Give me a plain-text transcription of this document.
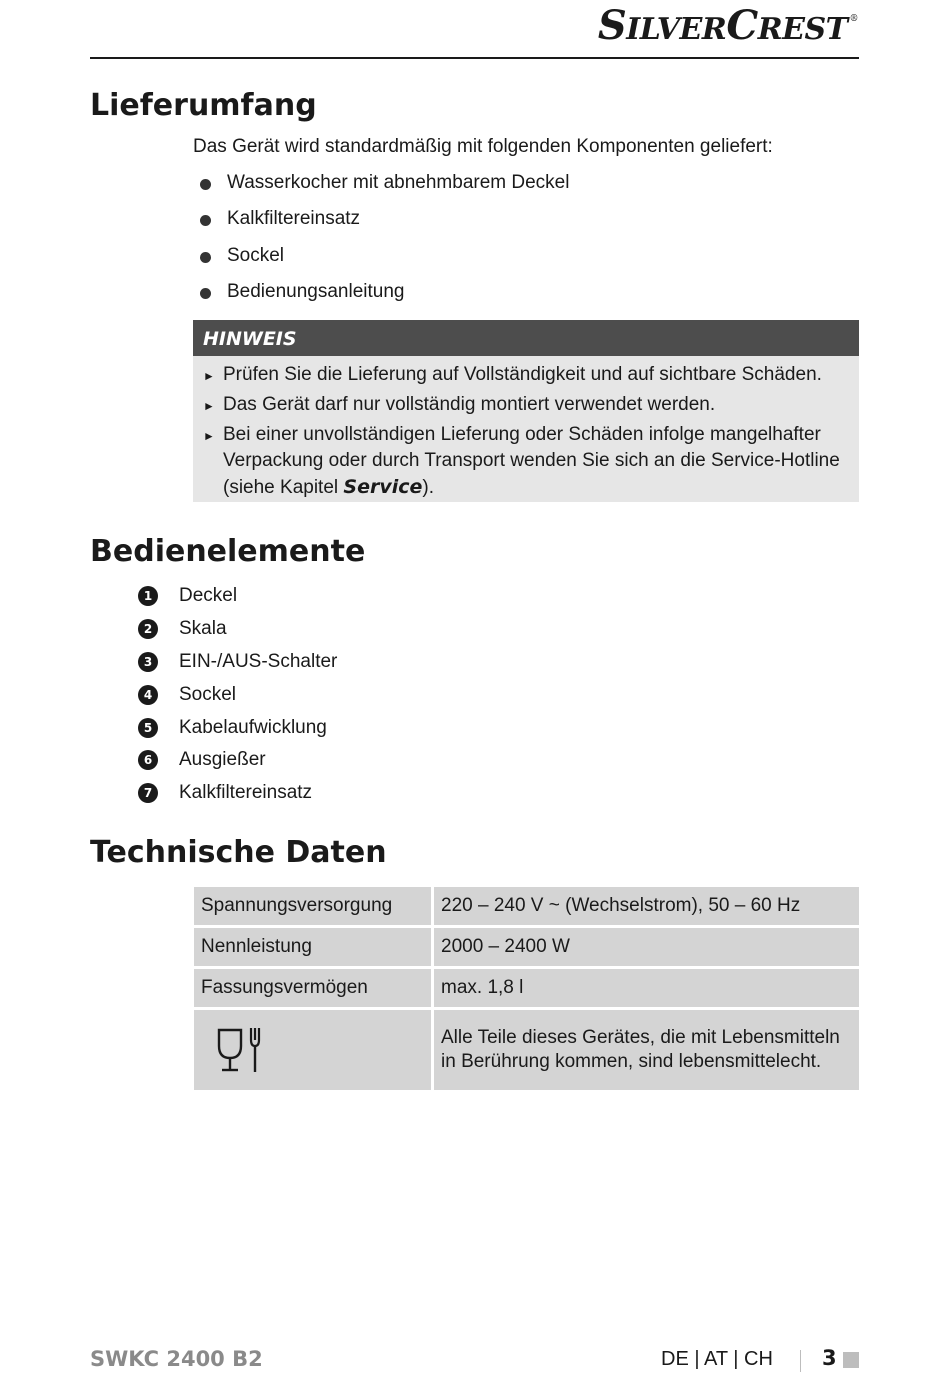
SILVERCREST ®
Lieferumfang
Das Gerät wird standardmäßig mit folgenden Komponenten geliefert:
Wasserkocher mit abnehmbarem Deckel
Kalkfiltereinsatz
Sockel
Bedienungsanleitung
HINWEIS
► Prüfen Sie die Lieferung auf Vollständigkeit und auf sichtbare Schäden.
► Das Gerät darf nur vollständig montiert verwendet werden.
► Bei einer unvollständigen Lieferung oder Schäden infolge mangelhafter Verpackung oder durch Transport wenden Sie sich an die Service-Hotline (siehe Kapitel Service).
Bedienelemente
1	Deckel
2	Skala
3	EIN-/AUS-Schalter
4	Sockel
5	Kabelaufwicklung
6	Ausgießer
7	Kalkfiltereinsatz
Technische Daten
Spannungsversorgung	220 – 240 V ~ (Wechselstrom), 50 – 60 Hz
Nennleistung	2000 – 2400 W
Fassungsvermögen	max. 1,8 l

	Alle Teile dieses Gerätes, die mit Lebensmitteln in Berührung kommen, sind lebensmittelecht.
SWKC 2400 B2	DE | AT | CH 3
